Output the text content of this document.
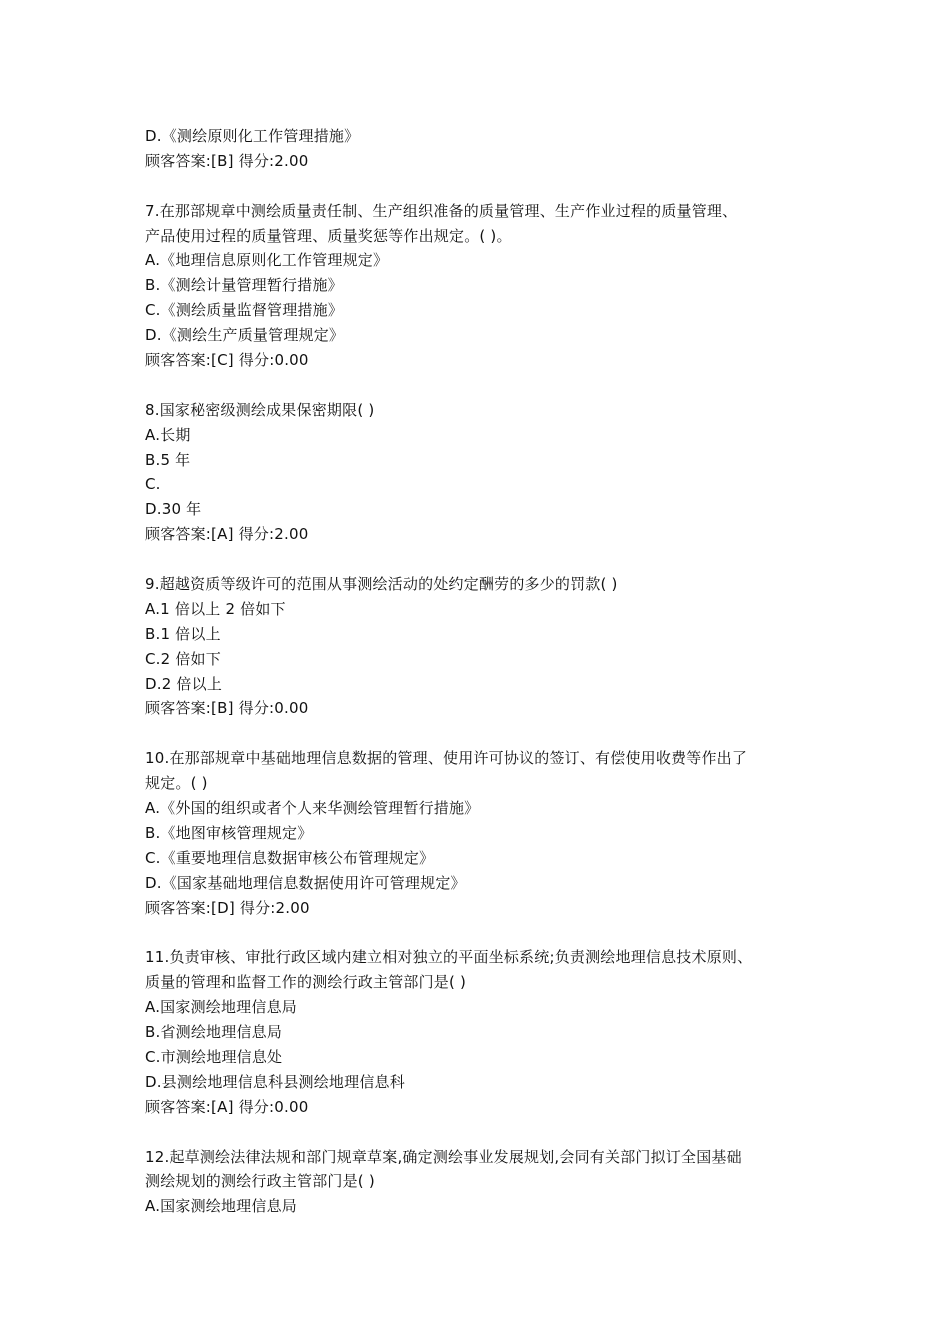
D.《测绘原则化工作管理措施》
顾客答案:[B] 得分:2.00
7.在那部规章中测绘质量责任制、生产组织准备的质量管理、生产作业过程的质量管理、
产品使用过程的质量管理、质量奖惩等作出规定。( )。
A.《地理信息原则化工作管理规定》
B.《测绘计量管理暂行措施》
C.《测绘质量监督管理措施》
D.《测绘生产质量管理规定》
顾客答案:[C] 得分:0.00
8.国家秘密级测绘成果保密期限( )
A.长期
B.5 年
C.
D.30 年
顾客答案:[A] 得分:2.00
9.超越资质等级许可的范围从事测绘活动的处约定酬劳的多少的罚款( )
A.1 倍以上 2 倍如下
B.1 倍以上
C.2 倍如下
D.2 倍以上
顾客答案:[B] 得分:0.00
10.在那部规章中基础地理信息数据的管理、使用许可协议的签订、有偿使用收费等作出了
规定。( )
A.《外国的组织或者个人来华测绘管理暂行措施》
B.《地图审核管理规定》
C.《重要地理信息数据审核公布管理规定》
D.《国家基础地理信息数据使用许可管理规定》
顾客答案:[D] 得分:2.00
11.负责审核、审批行政区域内建立相对独立的平面坐标系统;负责测绘地理信息技术原则、
质量的管理和监督工作的测绘行政主管部门是( )
A.国家测绘地理信息局
B.省测绘地理信息局
C.市测绘地理信息处
D.县测绘地理信息科县测绘地理信息科
顾客答案:[A] 得分:0.00
12.起草测绘法律法规和部门规章草案,确定测绘事业发展规划,会同有关部门拟订全国基础
测绘规划的测绘行政主管部门是( )
A.国家测绘地理信息局
